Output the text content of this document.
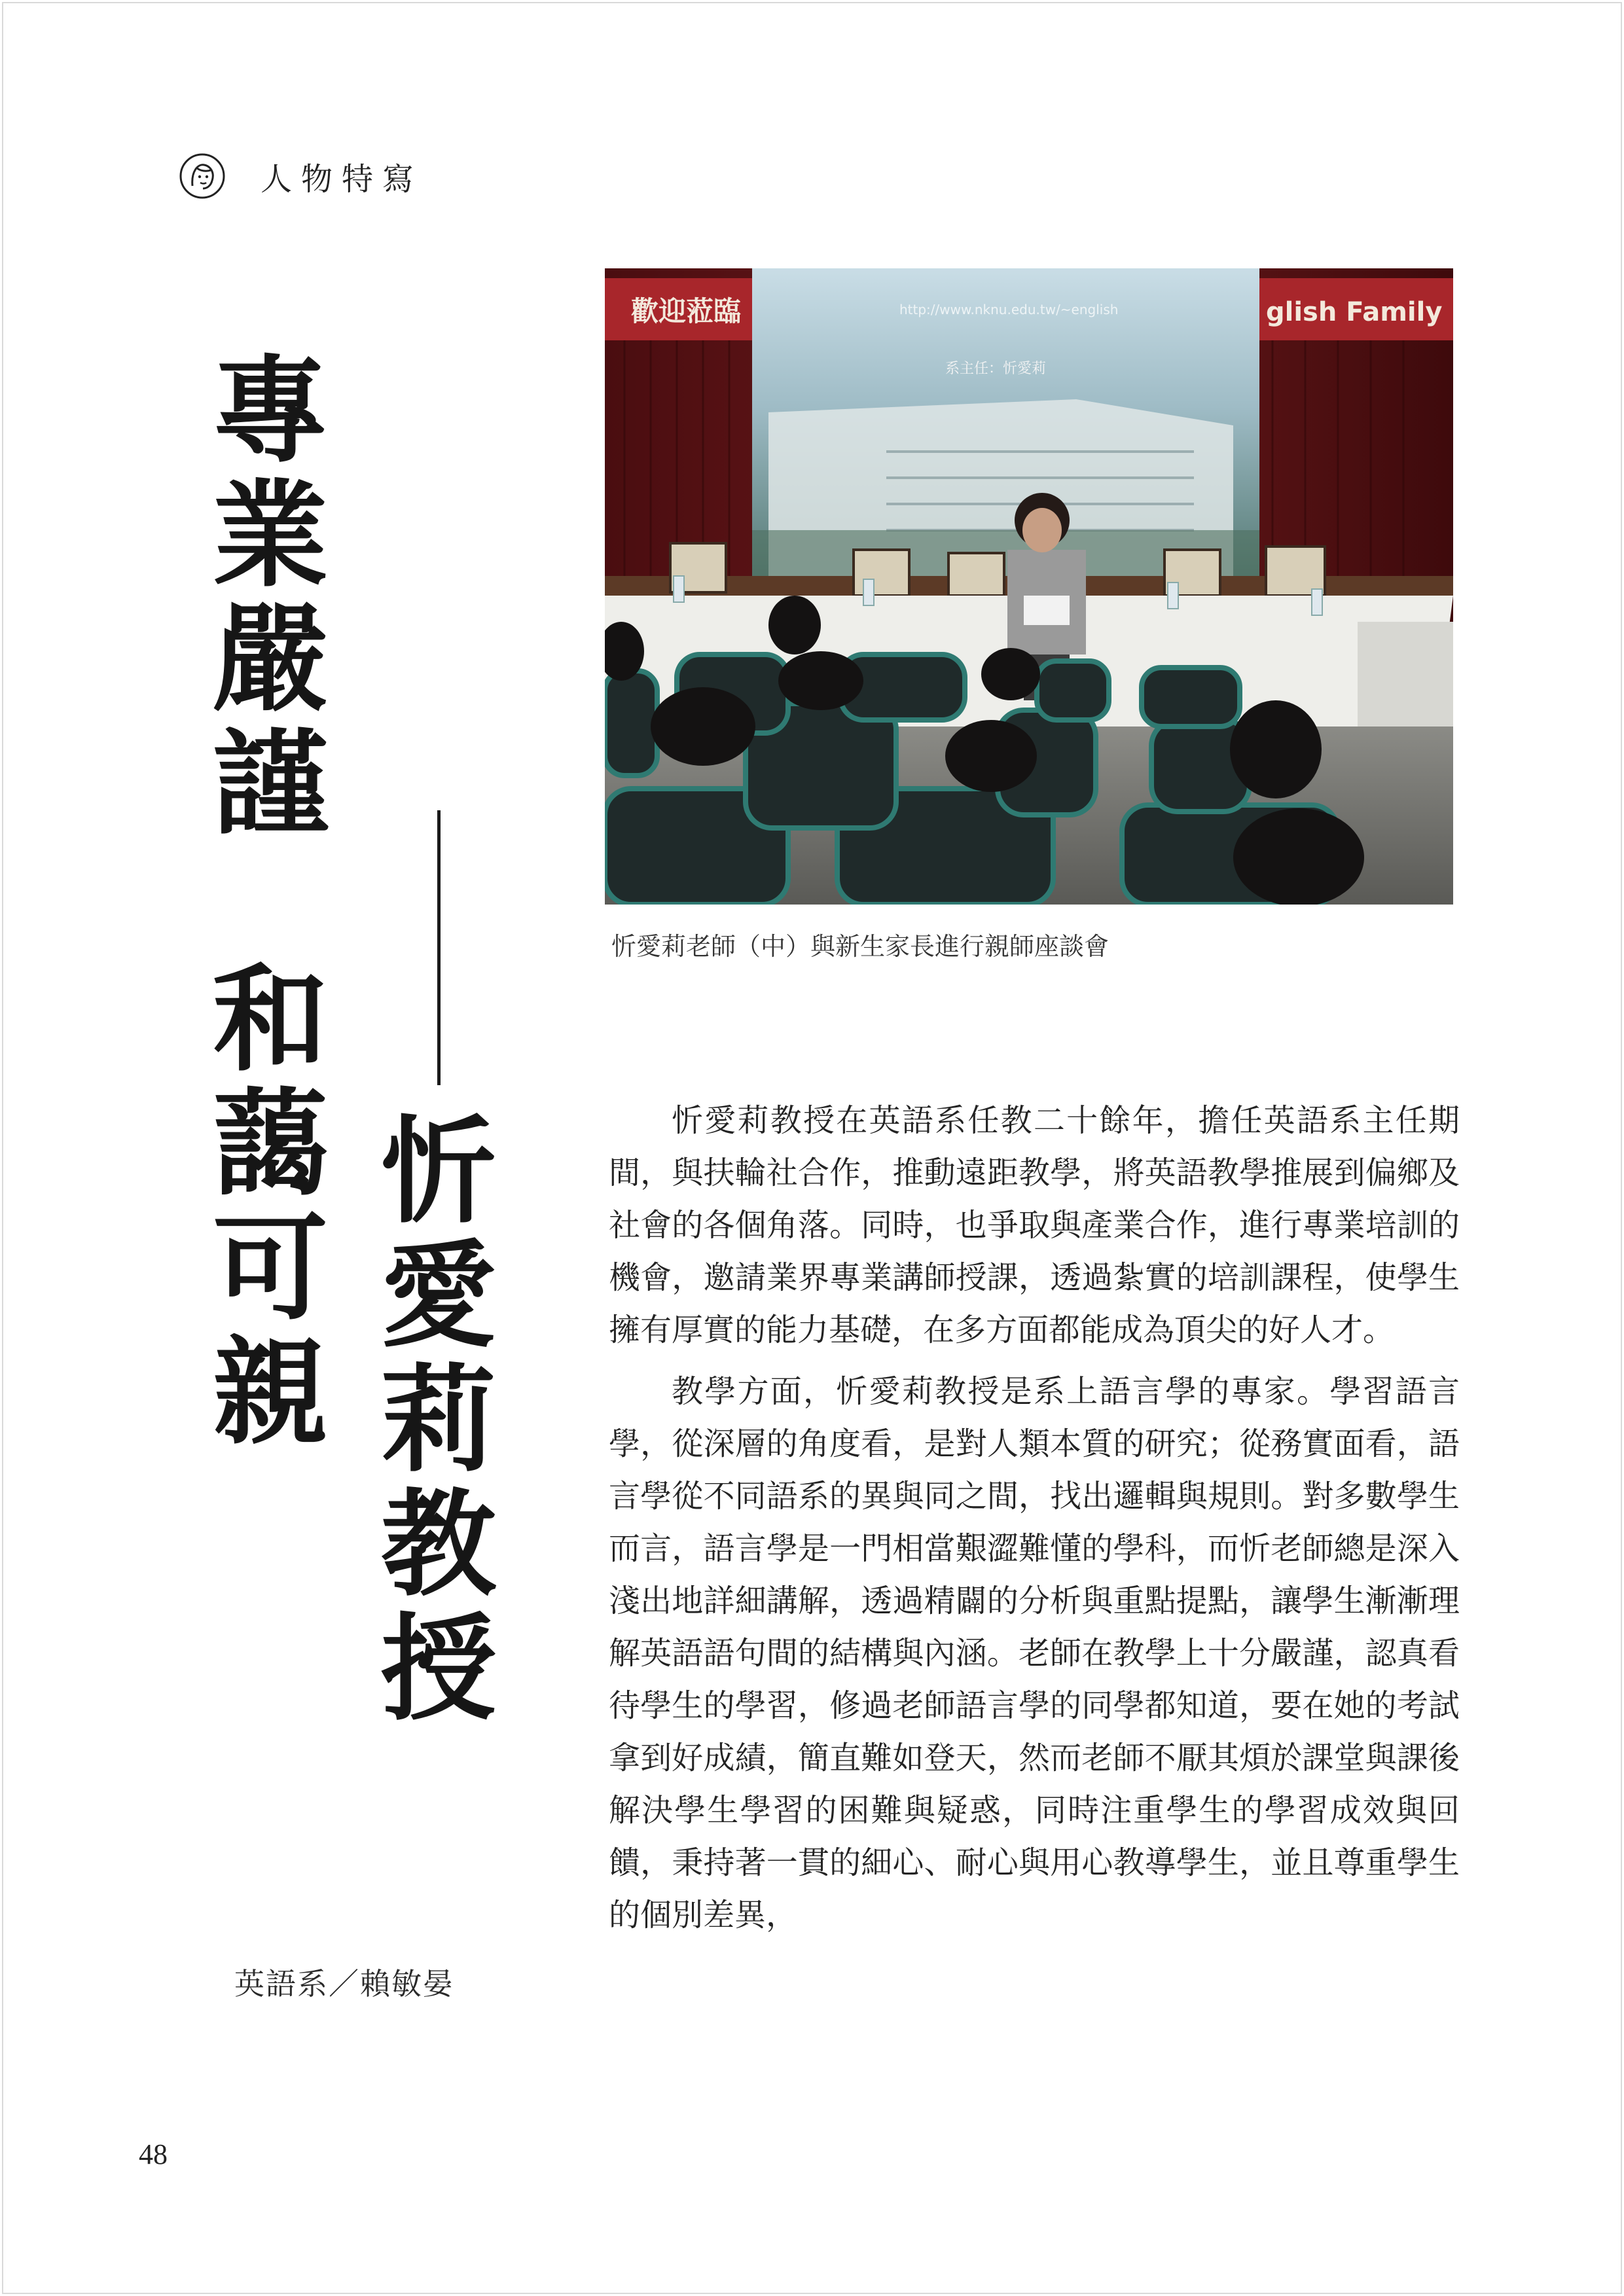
人物特寫
專
業
嚴
謹
和
藹
可
親
忻
愛
莉
教
授
英語系／賴敏晏
歡迎蒞臨	glish Family
http://www.nknu.edu.tw/~english
系主任：忻愛莉
忻愛莉老師（中）與新生家長進行親師座談會

忻愛莉教授在英語系任教二十餘年，擔任英語系主任期間，與扶輪社合作，推動遠距教學，將英語教學推展到偏鄉及社會的各個角落。同時，也爭取與產業合作，進行專業培訓的機會，邀請業界專業講師授課，透過紮實的培訓課程，使學生擁有厚實的能力基礎，在多方面都能成為頂尖的好人才。

教學方面，忻愛莉教授是系上語言學的專家。學習語言學，從深層的角度看，是對人類本質的研究；從務實面看，語言學從不同語系的異與同之間，找出邏輯與規則。對多數學生而言，語言學是一門相當艱澀難懂的學科，而忻老師總是深入淺出地詳細講解，透過精闢的分析與重點提點，讓學生漸漸理解英語語句間的結構與內涵。老師在教學上十分嚴謹，認真看待學生的學習，修過老師語言學的同學都知道，要在她的考試拿到好成績，簡直難如登天，然而老師不厭其煩於課堂與課後解決學生學習的困難與疑惑，同時注重學生的學習成效與回饋，秉持著一貫的細心、耐心與用心教導學生，並且尊重學生的個別差異，

48
